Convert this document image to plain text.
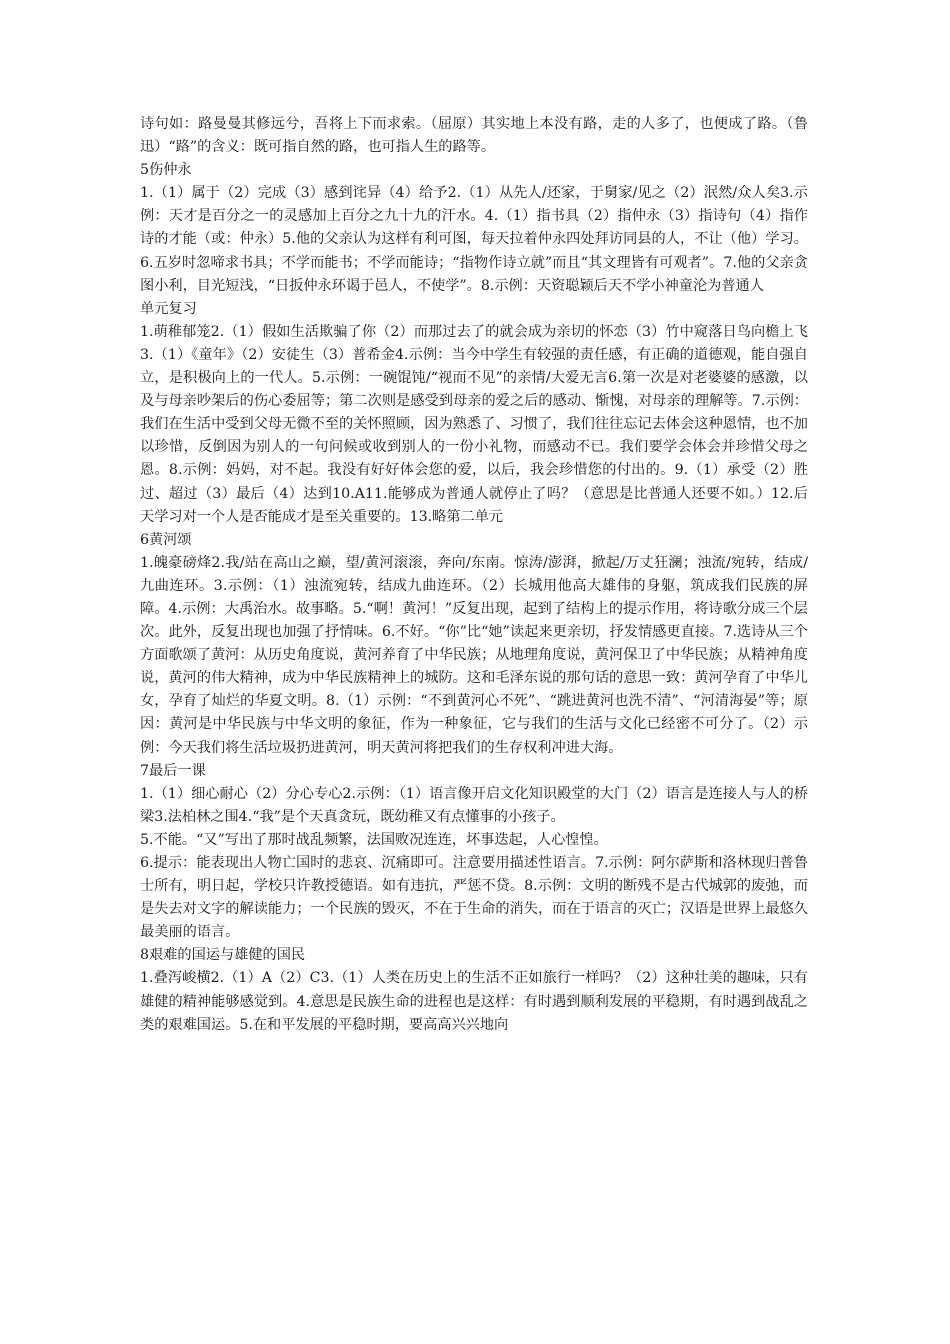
诗句如：路曼曼其修远兮，吾将上下而求索。（屈原）其实地上本没有路，走的人多了，也便成了路。（鲁迅）“路”的含义：既可指自然的路，也可指人生的路等。

5伤仲永

1.（1）属于（2）完成（3）感到诧异（4）给予2.（1）从先人/还家，于舅家/见之（2）泯然/众人矣3.示例：天才是百分之一的灵感加上百分之九十九的汗水。4.（1）指书具（2）指仲永（3）指诗句（4）指作诗的才能（或：仲永）5.他的父亲认为这样有利可图，每天拉着仲永四处拜访同县的人，不让（他）学习。6.五岁时忽啼求书具；不学而能书；不学而能诗；“指物作诗立就”而且“其文理皆有可观者”。7.他的父亲贪图小利，目光短浅，“日扳仲永环谒于邑人，不使学”。8.示例：天资聪颖后天不学小神童沦为普通人

单元复习

1.萌稚郁笼2.（1）假如生活欺骗了你（2）而那过去了的就会成为亲切的怀恋（3）竹中窥落日鸟向檐上飞3.（1）《童年》（2）安徒生（3）普希金4.示例：当今中学生有较强的责任感，有正确的道德观，能自强自立，是积极向上的一代人。5.示例：一碗馄饨/“视而不见”的亲情/大爱无言6.第一次是对老婆婆的感激，以及与母亲吵架后的伤心委屈等；第二次则是感受到母亲的爱之后的感动、惭愧，对母亲的理解等。7.示例：我们在生活中受到父母无微不至的关怀照顾，因为熟悉了、习惯了，我们往往忘记去体会这种恩情，也不加以珍惜，反倒因为别人的一句问候或收到别人的一份小礼物，而感动不已。我们要学会体会并珍惜父母之恩。8.示例：妈妈，对不起。我没有好好体会您的爱，以后，我会珍惜您的付出的。9.（1）承受（2）胜过、超过（3）最后（4）达到10.A11.能够成为普通人就停止了吗？（意思是比普通人还要不如。）12.后天学习对一个人是否能成才是至关重要的。13.略第二单元

6黄河颂

1.魄豪磅烽2.我/站在高山之巅，望/黄河滚滚，奔向/东南。惊涛/澎湃，掀起/万丈狂澜；浊流/宛转，结成/九曲连环。3.示例：（1）浊流宛转，结成九曲连环。（2）长城用他高大雄伟的身躯，筑成我们民族的屏障。4.示例：大禹治水。故事略。5.“啊！黄河！”反复出现，起到了结构上的提示作用，将诗歌分成三个层次。此外，反复出现也加强了抒情味。6.不好。“你”比“她”读起来更亲切，抒发情感更直接。7.选诗从三个方面歌颂了黄河：从历史角度说，黄河养育了中华民族；从地理角度说，黄河保卫了中华民族；从精神角度说，黄河的伟大精神，成为中华民族精神上的城防。这和毛泽东说的那句话的意思一致：黄河孕育了中华儿女，孕育了灿烂的华夏文明。8.（1）示例：“不到黄河心不死”、“跳进黄河也洗不清”、“河清海晏”等；原因：黄河是中华民族与中华文明的象征，作为一种象征，它与我们的生活与文化已经密不可分了。（2）示例：今天我们将生活垃圾扔进黄河，明天黄河将把我们的生存权利冲进大海。

7最后一课

1.（1）细心耐心（2）分心专心2.示例：（1）语言像开启文化知识殿堂的大门（2）语言是连接人与人的桥梁3.法柏林之围4.“我”是个天真贪玩，既幼稚又有点懂事的小孩子。

5.不能。“又”写出了那时战乱频繁，法国败况连连，坏事迭起，人心惶惶。

6.提示：能表现出人物亡国时的悲哀、沉痛即可。注意要用描述性语言。7.示例：阿尔萨斯和洛林现归普鲁士所有，明日起，学校只许教授德语。如有违抗，严惩不贷。8.示例：文明的断残不是古代城郭的废弛，而是失去对文字的解读能力；一个民族的毁灭，不在于生命的消失，而在于语言的灭亡；汉语是世界上最悠久最美丽的语言。

8艰难的国运与雄健的国民

1.叠泻峻横2.（1）A（2）C3.（1）人类在历史上的生活不正如旅行一样吗？（2）这种壮美的趣味，只有雄健的精神能够感觉到。4.意思是民族生命的进程也是这样：有时遇到顺利发展的平稳期，有时遇到战乱之类的艰难国运。5.在和平发展的平稳时期，要高高兴兴地向
